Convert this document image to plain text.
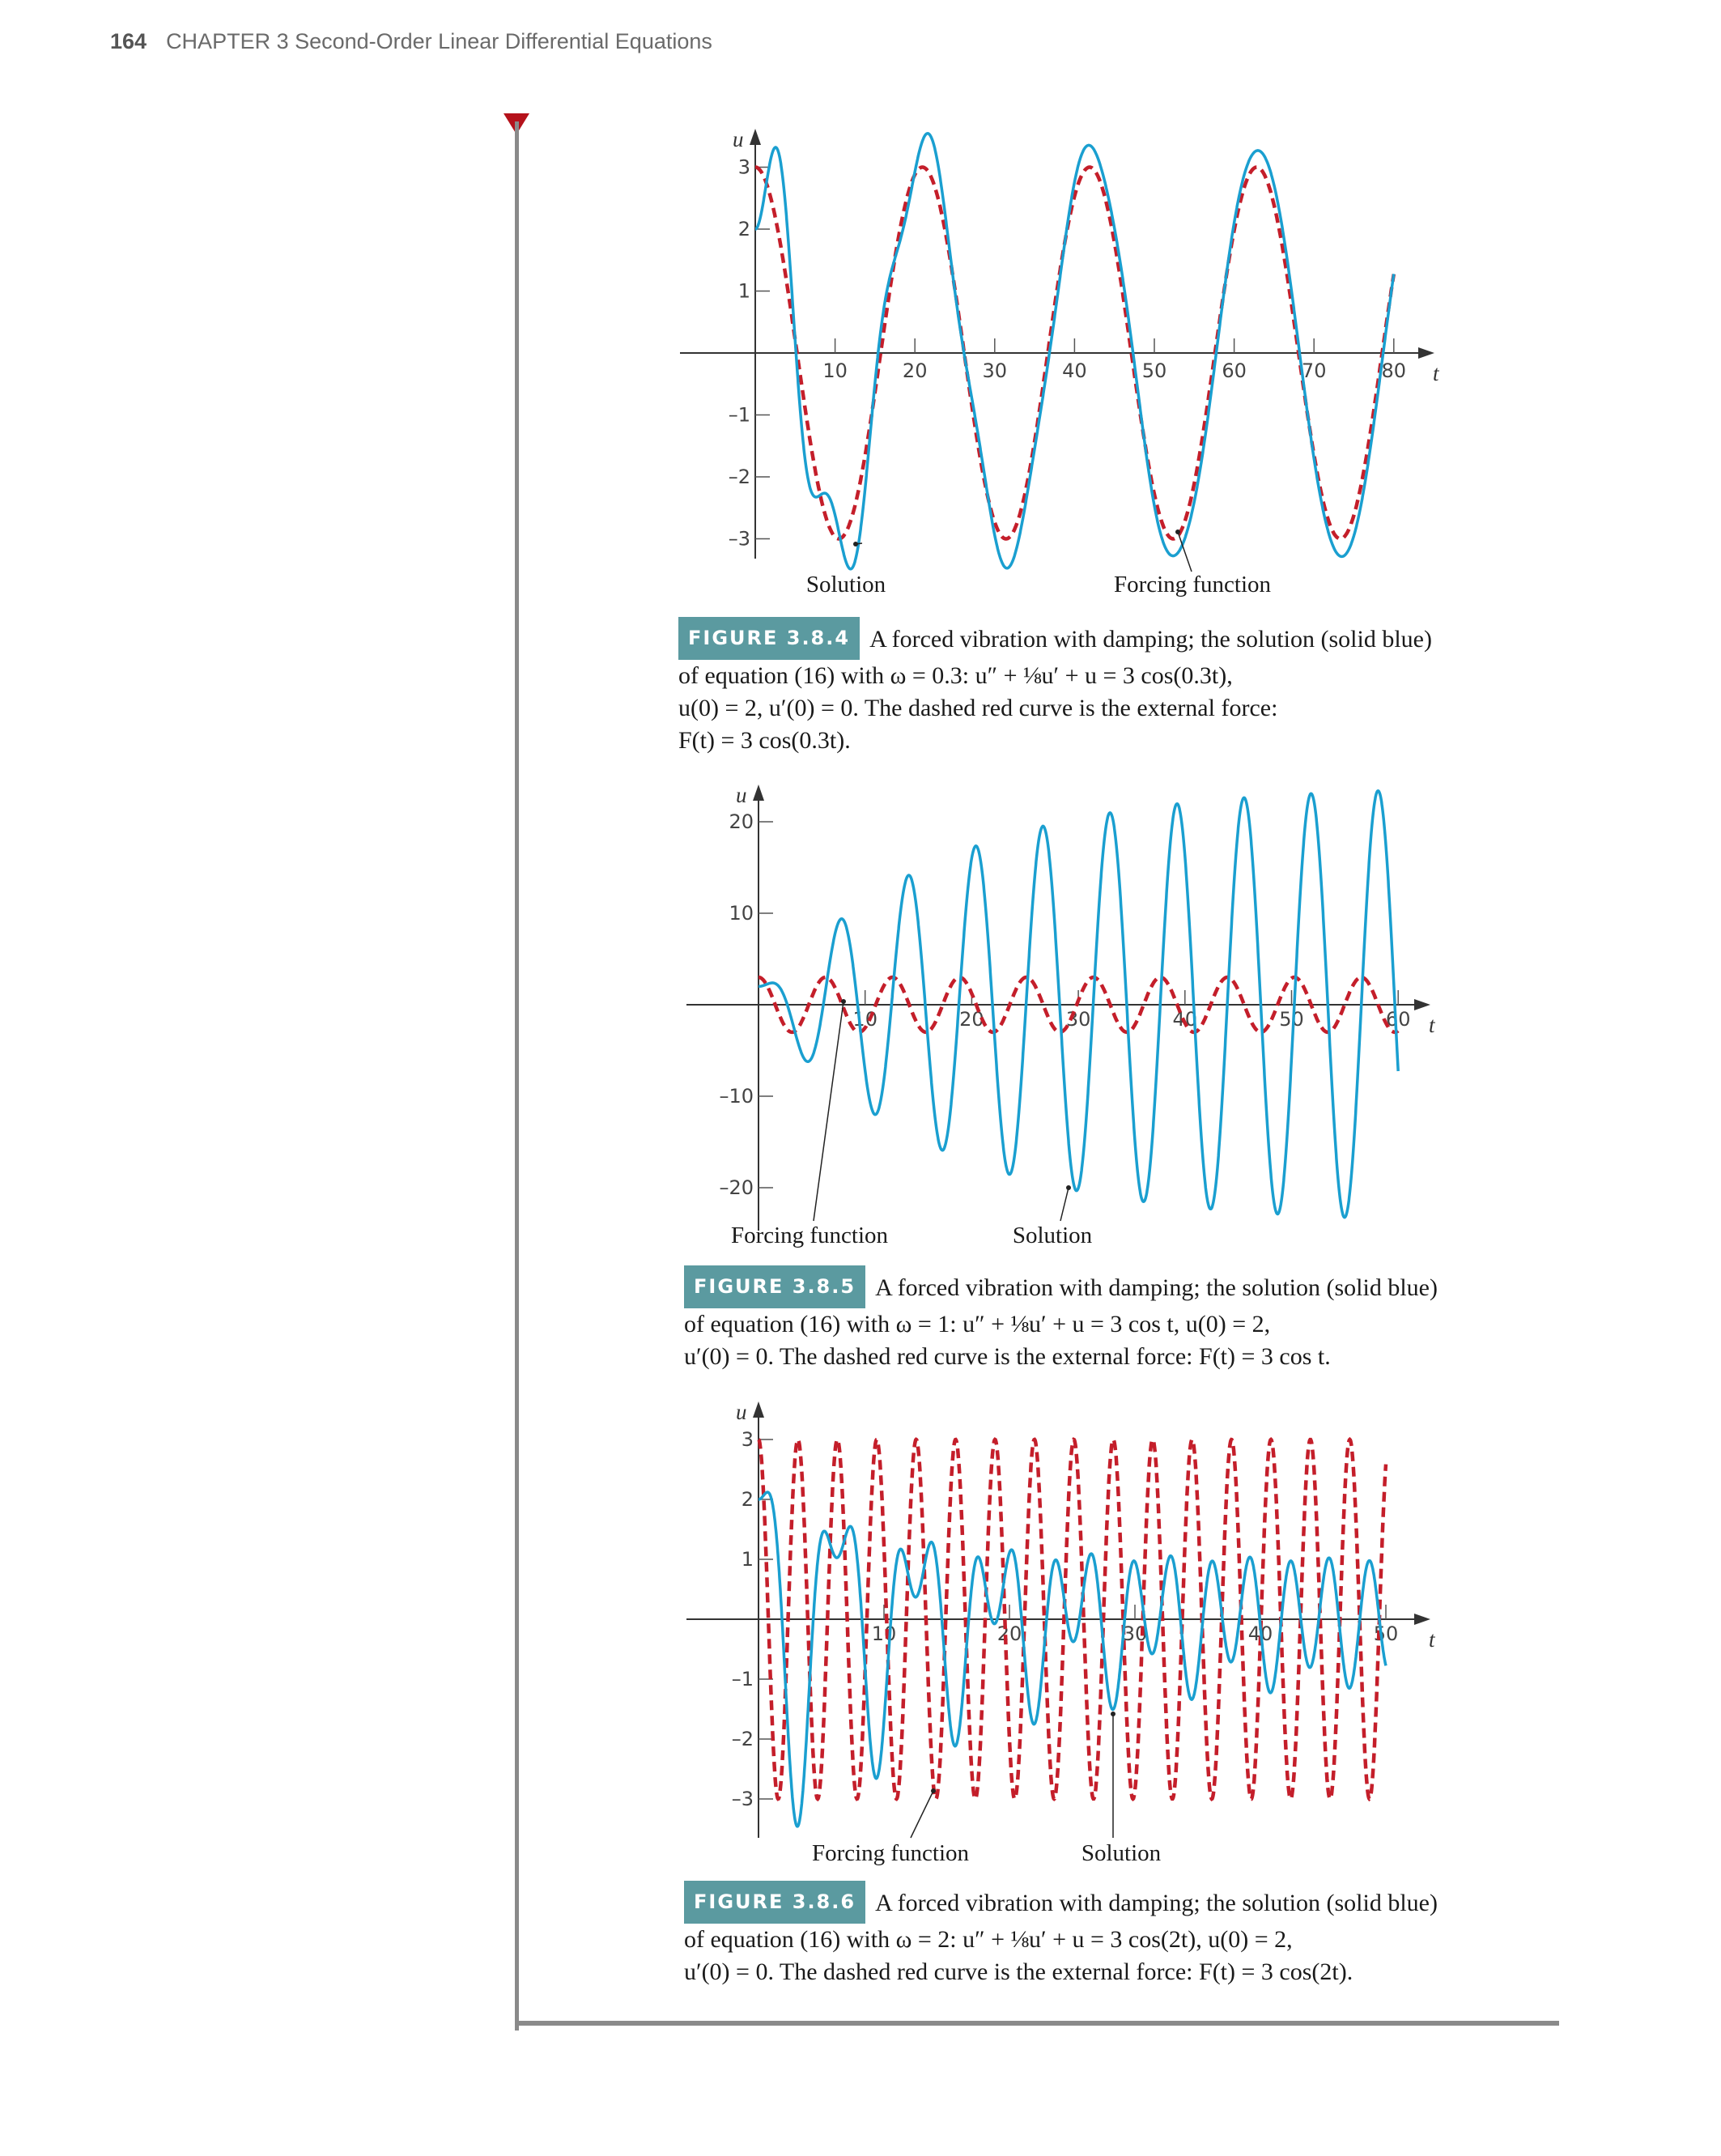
164 CHAPTER 3 Second-Order Linear Differential Equations
t
u
10	20	30	40	50	60	70	80
–3
–2
–1
1
2
3
Solution	Forcing function
t
u
10	20	30	40	50	60
–20
–10
10
20
Solution
Forcing function
t
u
10	20	30	40	50
–3
–2
–1
1
2
3
Solution
Forcing function
FIGURE 3.8.4 A forced vibration with damping; the solution (solid blue)
of equation (16) with ω = 0.3: u″ + ⅛u′ + u = 3 cos(0.3t),
u(0) = 2, u′(0) = 0. The dashed red curve is the external force:
F(t) = 3 cos(0.3t).
FIGURE 3.8.5 A forced vibration with damping; the solution (solid blue)
of equation (16) with ω = 1: u″ + ⅛u′ + u = 3 cos t, u(0) = 2,
u′(0) = 0. The dashed red curve is the external force: F(t) = 3 cos t.
FIGURE 3.8.6 A forced vibration with damping; the solution (solid blue)
of equation (16) with ω = 2: u″ + ⅛u′ + u = 3 cos(2t), u(0) = 2,
u′(0) = 0. The dashed red curve is the external force: F(t) = 3 cos(2t).
